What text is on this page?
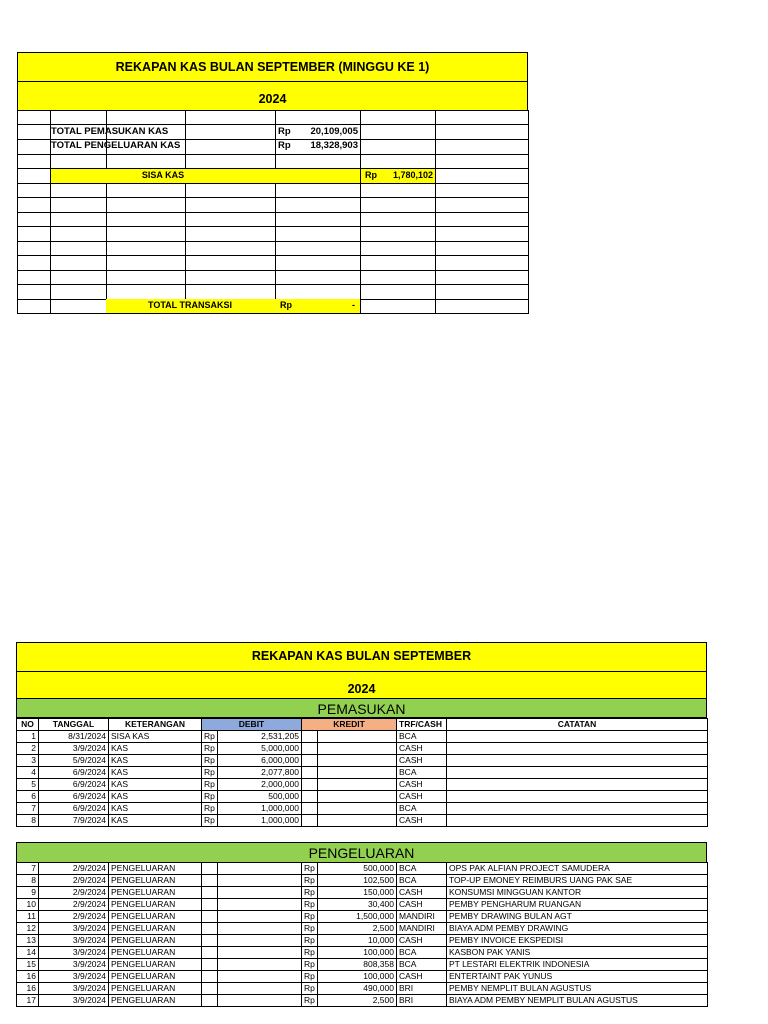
REKAPAN KAS BULAN SEPTEMBER (MINGGU KE 1)
2024
TOTAL PEMASUKAN KAS	Rp	20,109,005
TOTAL PENGELUARAN KAS	Rp	18,328,903
SISA KAS	Rp	1,780,102
TOTAL TRANSAKSI	Rp	-
REKAPAN KAS BULAN SEPTEMBER
2024
PEMASUKAN
NO	TANGGAL	KETERANGAN	DEBIT		KREDIT		TRF/CASH	CATATAN
1	8/31/2024	SISA KAS	Rp	2,531,205			BCA	
2	3/9/2024	KAS	Rp	5,000,000			CASH	
3	5/9/2024	KAS	Rp	6,000,000			CASH	
4	6/9/2024	KAS	Rp	2,077,800			BCA	
5	6/9/2024	KAS	Rp	2,000,000			CASH	
6	6/9/2024	KAS	Rp	500,000			CASH	
7	6/9/2024	KAS	Rp	1,000,000			BCA	
8	7/9/2024	KAS	Rp	1,000,000			CASH	
PENGELUARAN
7	2/9/2024	PENGELUARAN			Rp	500,000	BCA	OPS PAK ALFIAN PROJECT SAMUDERA
8	2/9/2024	PENGELUARAN			Rp	102,500	BCA	TOP-UP EMONEY REIMBURS UANG PAK SAE
9	2/9/2024	PENGELUARAN			Rp	150,000	CASH	KONSUMSI MINGGUAN KANTOR
10	2/9/2024	PENGELUARAN			Rp	30,400	CASH	PEMBY PENGHARUM RUANGAN
11	2/9/2024	PENGELUARAN			Rp	1,500,000	MANDIRI	PEMBY DRAWING BULAN AGT
12	3/9/2024	PENGELUARAN			Rp	2,500	MANDIRI	BIAYA ADM PEMBY DRAWING
13	3/9/2024	PENGELUARAN			Rp	10,000	CASH	PEMBY INVOICE EKSPEDISI
14	3/9/2024	PENGELUARAN			Rp	100,000	BCA	KASBON PAK YANIS
15	3/9/2024	PENGELUARAN			Rp	808,358	BCA	PT LESTARI ELEKTRIK INDONESIA
16	3/9/2024	PENGELUARAN			Rp	100,000	CASH	ENTERTAINT PAK YUNUS
16	3/9/2024	PENGELUARAN			Rp	490,000	BRI	PEMBY NEMPLIT BULAN AGUSTUS
17	3/9/2024	PENGELUARAN			Rp	2,500	BRI	BIAYA ADM PEMBY NEMPLIT BULAN AGUSTUS
